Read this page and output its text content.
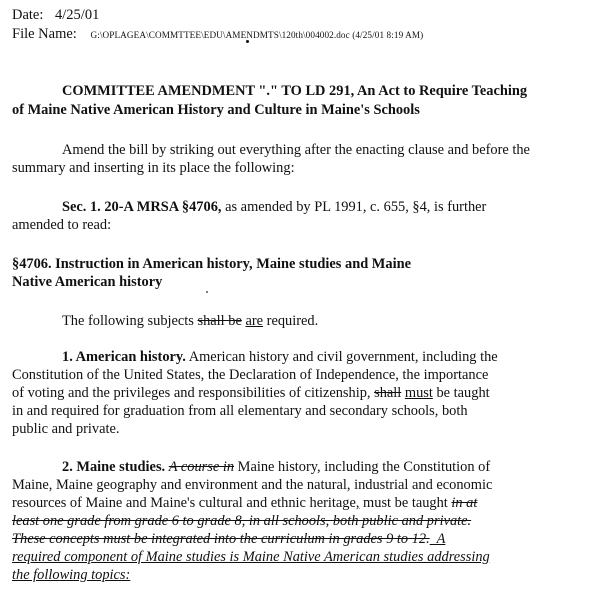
Date: 4/25/01
File Name: G:\OPLAGEA\COMMTTEE\EDU\AMENDMTS\120th\004002.doc (4/25/01 8:19 AM)
COMMITTEE AMENDMENT "." TO LD 291, An Act to Require Teaching
of Maine Native American History and Culture in Maine's Schools
Amend the bill by striking out everything after the enacting clause and before the
summary and inserting in its place the following:
Sec. 1. 20-A MRSA §4706, as amended by PL 1991, c. 655, §4, is further
amended to read:
§4706. Instruction in American history, Maine studies and Maine
Native American history
The following subjects shall be are required.
1. American history. American history and civil government, including the
Constitution of the United States, the Declaration of Independence, the importance
of voting and the privileges and responsibilities of citizenship, shall must be taught
in and required for graduation from all elementary and secondary schools, both
public and private.
2. Maine studies. A course in Maine history, including the Constitution of
Maine, Maine geography and environment and the natural, industrial and economic
resources of Maine and Maine's cultural and ethnic heritage, must be taught in at
least one grade from grade 6 to grade 8, in all schools, both public and private.
These concepts must be integrated into the curriculum in grades 9 to 12.  A
required component of Maine studies is Maine Native American studies addressing
the following topics:
